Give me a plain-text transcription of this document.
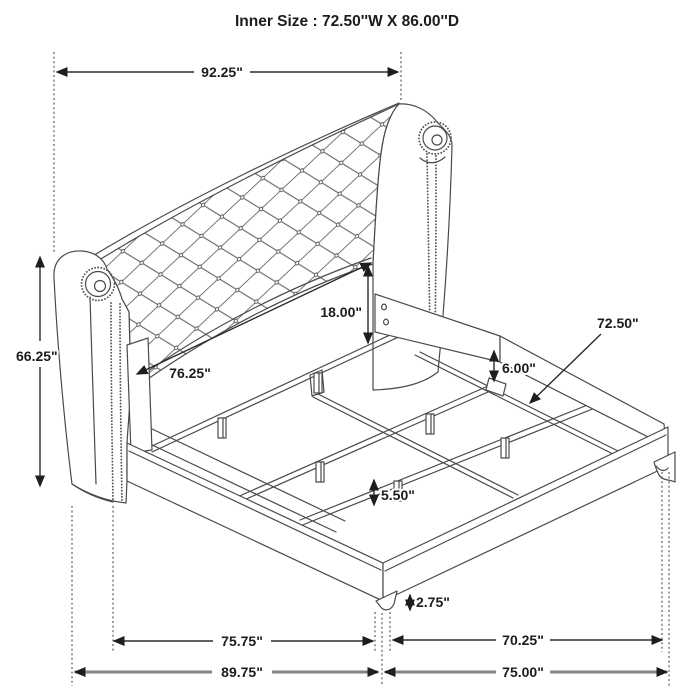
92.25"
66.25"
76.25"
18.00"
72.50"
6.00"
5.50"
2.75"
75.75"	70.25"
89.75"	75.00"
Inner Size : 72.50''W X 86.00''D
